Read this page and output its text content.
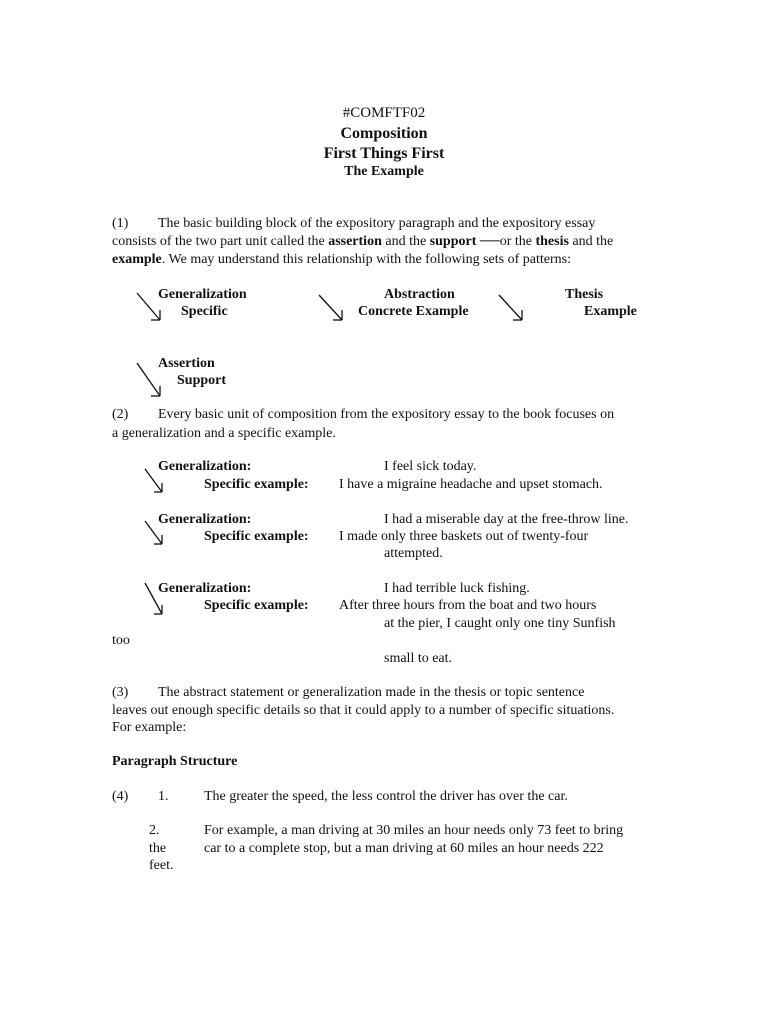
#COMFTF02
Composition
First Things First
The Example
(1) The basic building block of the expository paragraph and the expository essay
consists of the two part unit called the assertion and the support ──or the thesis and the
example. We may understand this relationship with the following sets of patterns:
Generalization
Specific
Abstraction
Concrete Example
Thesis
Example
Assertion
Support
(2) Every basic unit of composition from the expository essay to the book focuses on
a generalization and a specific example.
Generalization:	I feel sick today.
Specific example: I have a migraine headache and upset stomach.
Generalization:	I had a miserable day at the free-throw line.
Specific example: I made only three baskets out of twenty-four
attempted.
Generalization:	I had terrible luck fishing.
Specific example: After three hours from the boat and two hours
at the pier, I caught only one tiny Sunfish
too
small to eat.
(3) The abstract statement or generalization made in the thesis or topic sentence
leaves out enough specific details so that it could apply to a number of specific situations.
For example:
Paragraph Structure
(4) 1.	The greater the speed, the less control the driver has over the car.
2.	For example, a man driving at 30 miles an hour needs only 73 feet to bring
the	car to a complete stop, but a man driving at 60 miles an hour needs 222
feet.
